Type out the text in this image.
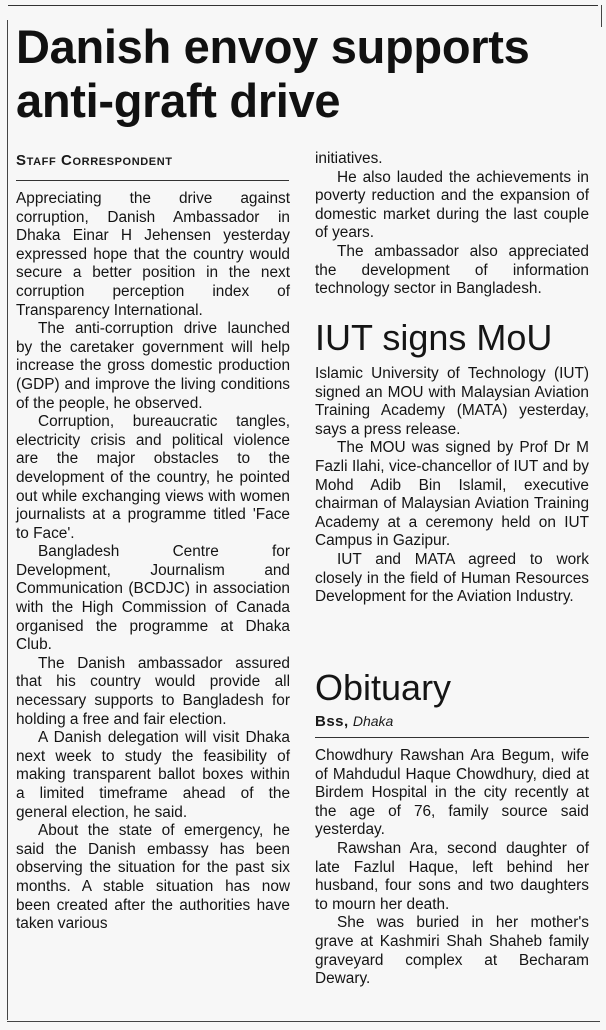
Danish envoy supports anti-graft drive
Staff Correspondent

Appreciating the drive against corruption, Danish Ambassador in Dhaka Einar H Jehensen yesterday expressed hope that the country would secure a better position in the next corruption perception index of Transparency International.

The anti-corruption drive launched by the caretaker government will help increase the gross domestic production (GDP) and improve the living conditions of the people, he observed.

Corruption, bureaucratic tangles, electricity crisis and political violence are the major obstacles to the development of the country, he pointed out while exchanging views with women journalists at a programme titled 'Face to Face'.

Bangladesh Centre for Development, Journalism and Communication (BCDJC) in association with the High Commission of Canada organised the programme at Dhaka Club.

The Danish ambassador assured that his country would provide all necessary supports to Bangladesh for holding a free and fair election.

A Danish delegation will visit Dhaka next week to study the feasibility of making transparent ballot boxes within a limited timeframe ahead of the general election, he said.

About the state of emergency, he said the Danish embassy has been observing the situation for the past six months. A stable situation has now been created after the authorities have taken various

initiatives.

He also lauded the achievements in poverty reduction and the expansion of domestic market during the last couple of years.

The ambassador also appreciated the development of information technology sector in Bangladesh.

IUT signs MoU

Islamic University of Technology (IUT) signed an MOU with Malaysian Aviation Training Academy (MATA) yesterday, says a press release.

The MOU was signed by Prof Dr M Fazli Ilahi, vice-chancellor of IUT and by Mohd Adib Bin Islamil, executive chairman of Malaysian Aviation Training Academy at a ceremony held on IUT Campus in Gazipur.

IUT and MATA agreed to work closely in the field of Human Resources Development for the Aviation Industry.

Obituary
Bss, Dhaka

Chowdhury Rawshan Ara Begum, wife of Mahdudul Haque Chowdhury, died at Birdem Hospital in the city recently at the age of 76, family source said yesterday.

Rawshan Ara, second daughter of late Fazlul Haque, left behind her husband, four sons and two daughters to mourn her death.

She was buried in her mother's grave at Kashmiri Shah Shaheb family graveyard complex at Becharam Dewary.
